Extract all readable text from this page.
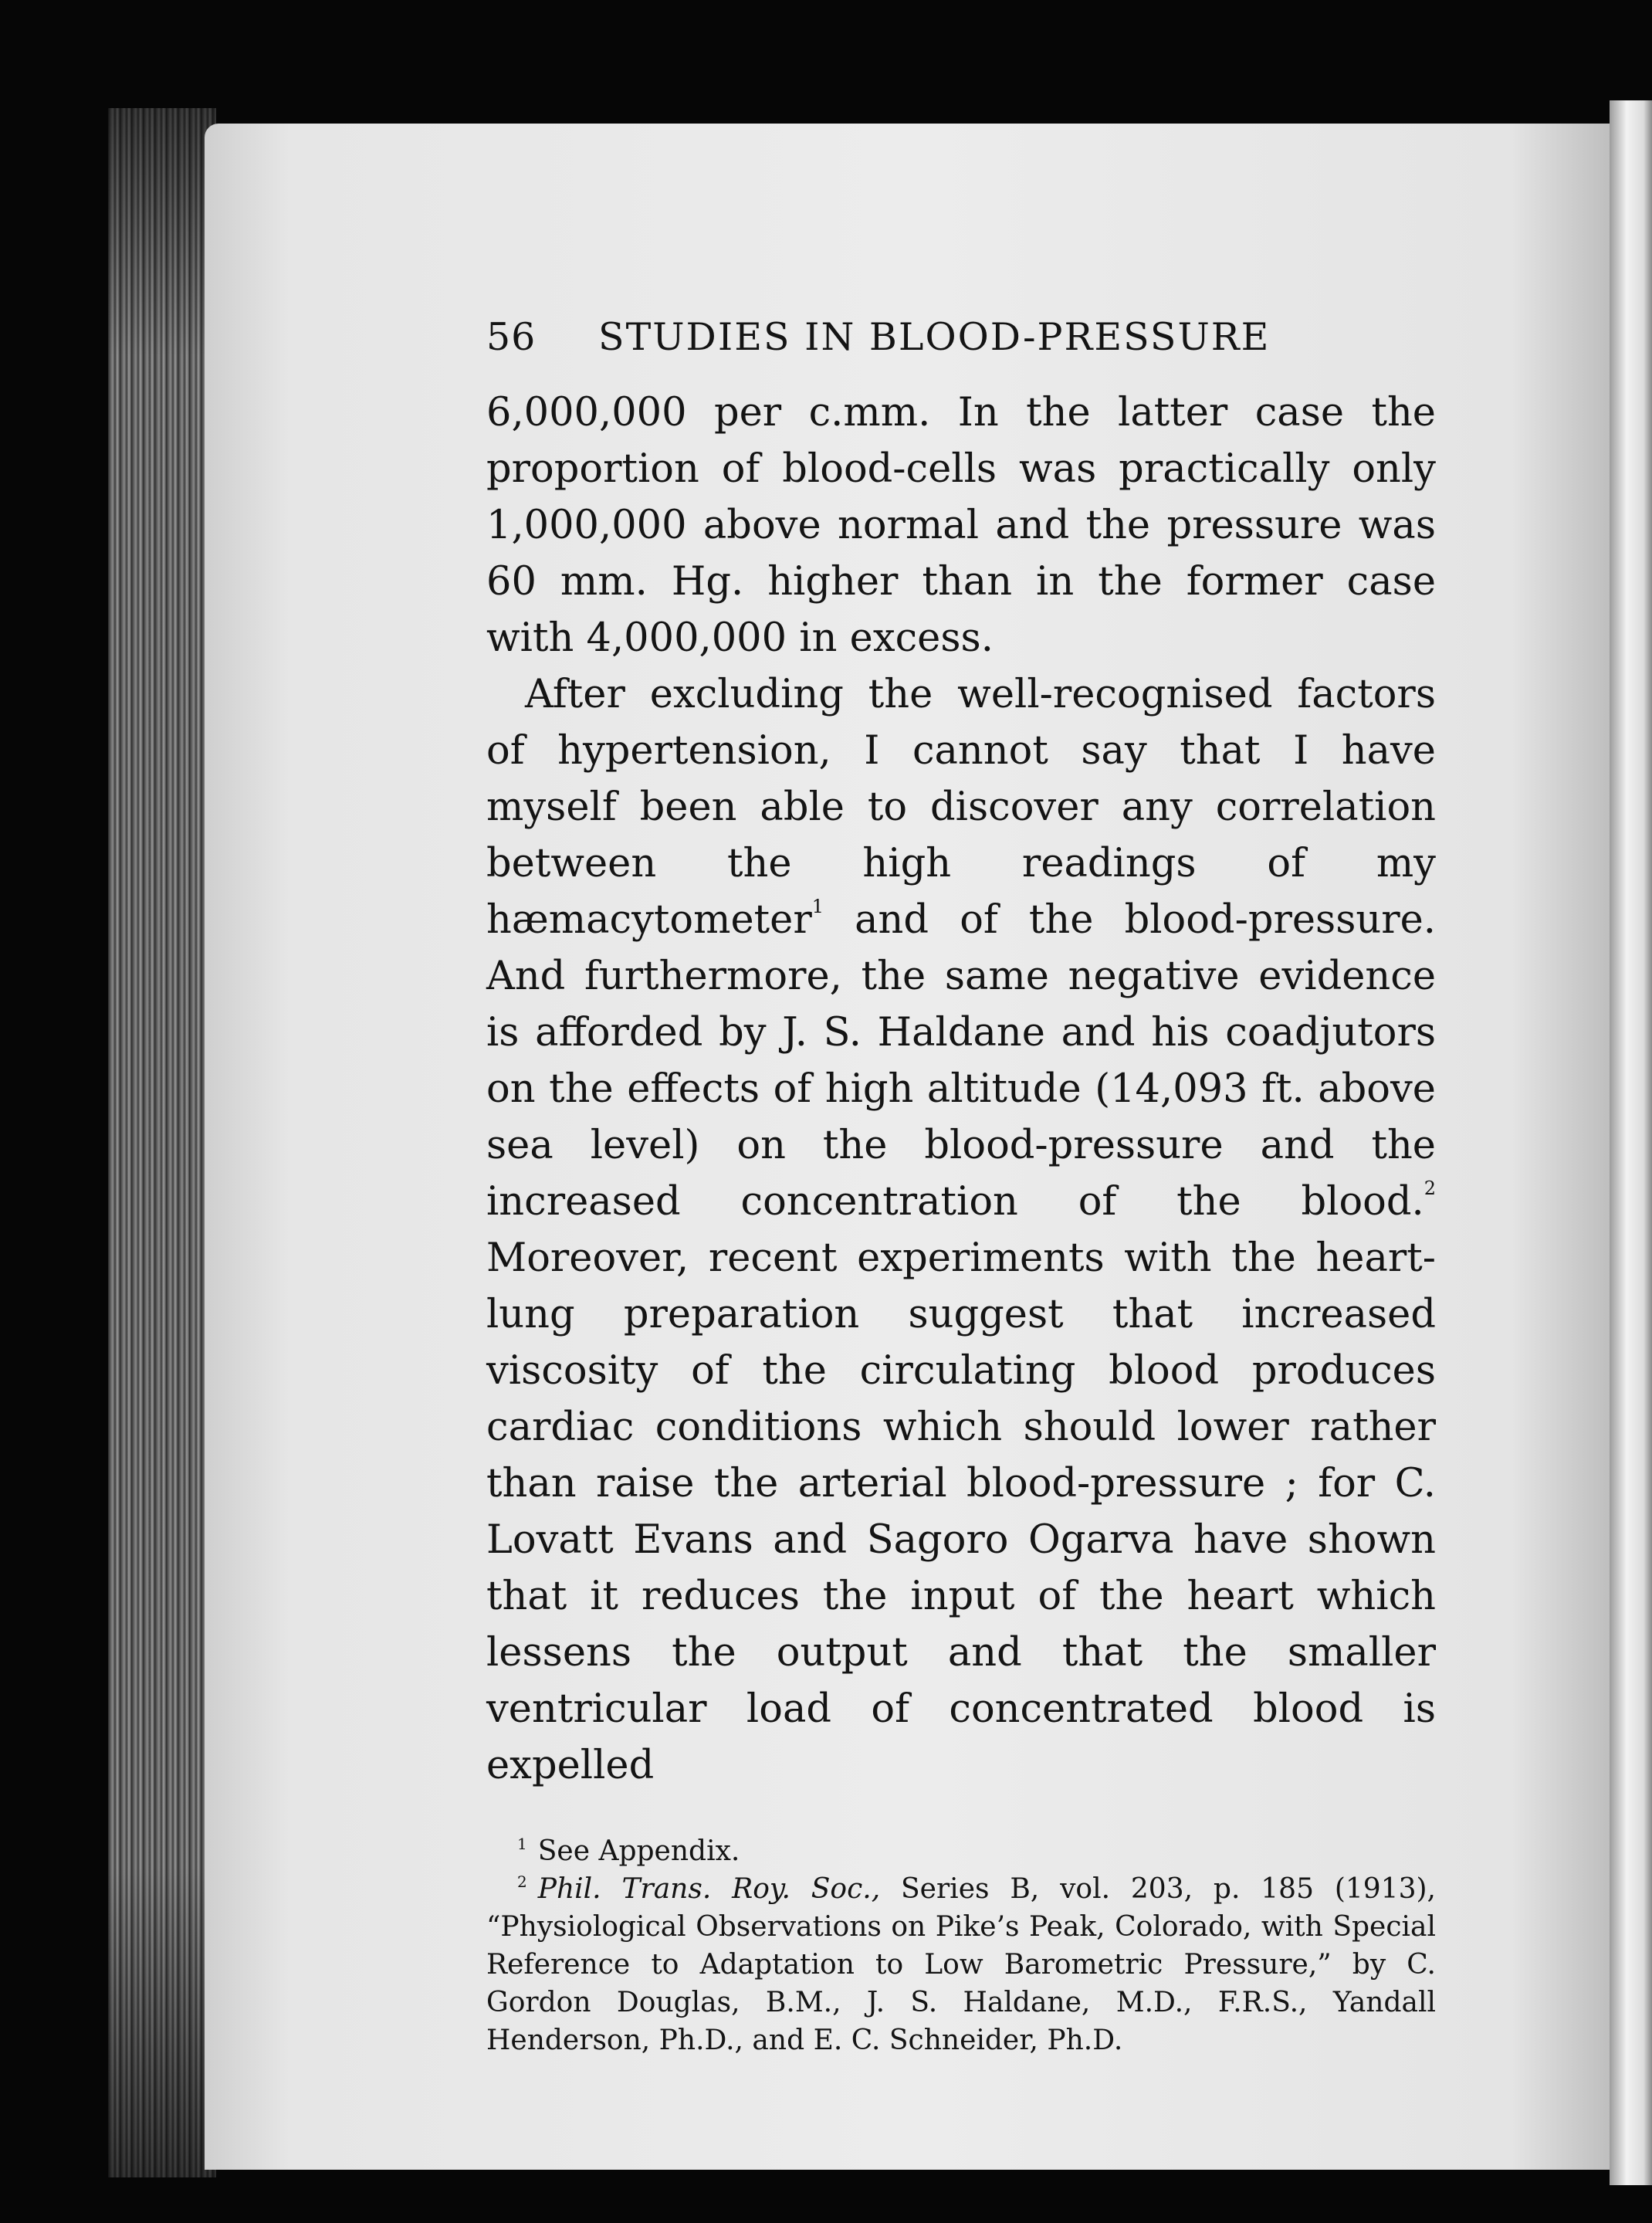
56	STUDIES IN BLOOD-PRESSURE

6,000,000 per c.mm. In the latter case the proportion of blood-cells was practically only 1,000,000 above normal and the pressure was 60 mm. Hg. higher than in the former case with 4,000,000 in excess.

After excluding the well-recognised factors of hypertension, I cannot say that I have myself been able to discover any correlation between the high readings of my hæmacytometer$^1$ and of the blood-pressure. And furthermore, the same negative evidence is afforded by J. S. Haldane and his coadjutors on the effects of high altitude (14,093 ft. above sea level) on the blood-pressure and the increased concentration of the blood.$^2$ Moreover, recent experiments with the heart-lung preparation suggest that increased viscosity of the circulating blood produces cardiac conditions which should lower rather than raise the arterial blood-pressure ; for C. Lovatt Evans and Sagoro Ogarva have shown that it reduces the input of the heart which lessens the output and that the smaller ventricular load of concentrated blood is expelled

$^1$ See Appendix.

$^2$ Phil. Trans. Roy. Soc., Series B, vol. 203, p. 185 (1913), “Physiological Observations on Pike’s Peak, Colorado, with Special Reference to Adaptation to Low Barometric Pressure,” by C. Gordon Douglas, B.M., J. S. Haldane, M.D., F.R.S., Yandall Henderson, Ph.D., and E. C. Schneider, Ph.D.
